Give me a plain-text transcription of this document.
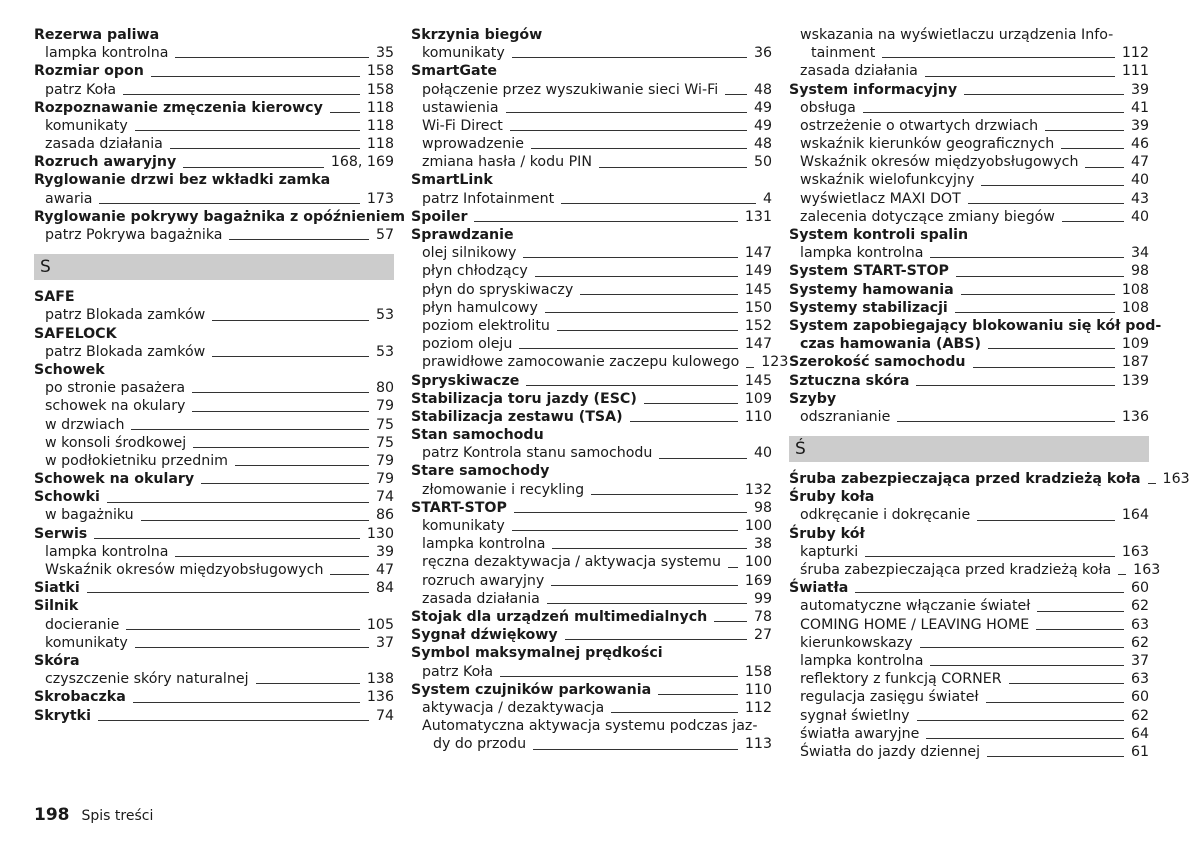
Rezerwa paliwa
lampka kontrolna	35
Rozmiar opon	158
patrz Koła	158
Rozpoznawanie zmęczenia kierowcy	118
komunikaty	118
zasada działania	118
Rozruch awaryjny	168, 169
Ryglowanie drzwi bez wkładki zamka
awaria	173
Ryglowanie pokrywy bagażnika z opóźnieniem
patrz Pokrywa bagażnika	57
S
SAFE
patrz Blokada zamków	53
SAFELOCK
patrz Blokada zamków	53
Schowek
po stronie pasażera	80
schowek na okulary	79
w drzwiach	75
w konsoli środkowej	75
w podłokietniku przednim	79
Schowek na okulary	79
Schowki	74
w bagażniku	86
Serwis	130
lampka kontrolna	39
Wskaźnik okresów międzyobsługowych	47
Siatki	84
Silnik
docieranie	105
komunikaty	37
Skóra
czyszczenie skóry naturalnej	138
Skrobaczka	136
Skrytki	74
Skrzynia biegów
komunikaty	36
SmartGate
połączenie przez wyszukiwanie sieci Wi-Fi	48
ustawienia	49
Wi-Fi Direct	49
wprowadzenie	48
zmiana hasła / kodu PIN	50
SmartLink
patrz Infotainment	4
Spoiler	131
Sprawdzanie
olej silnikowy	147
płyn chłodzący	149
płyn do spryskiwaczy	145
płyn hamulcowy	150
poziom elektrolitu	152
poziom oleju	147
prawidłowe zamocowanie zaczepu kulowego 123
Spryskiwacze	145
Stabilizacja toru jazdy (ESC)	109
Stabilizacja zestawu (TSA)	110
Stan samochodu
patrz Kontrola stanu samochodu	40
Stare samochody
złomowanie i recykling	132
START-STOP	98
komunikaty	100
lampka kontrolna	38
ręczna dezaktywacja / aktywacja systemu 100
rozruch awaryjny	169
zasada działania	99
Stojak dla urządzeń multimedialnych	78
Sygnał dźwiękowy	27
Symbol maksymalnej prędkości
patrz Koła	158
System czujników parkowania	110
aktywacja / dezaktywacja	112
Automatyczna aktywacja systemu podczas jaz-
dy do przodu	113
wskazania na wyświetlaczu urządzenia Info-
tainment	112
zasada działania	111
System informacyjny	39
obsługa	41
ostrzeżenie o otwartych drzwiach	39
wskaźnik kierunków geograficznych	46
Wskaźnik okresów międzyobsługowych	47
wskaźnik wielofunkcyjny	40
wyświetlacz MAXI DOT	43
zalecenia dotyczące zmiany biegów	40
System kontroli spalin
lampka kontrolna	34
System START-STOP	98
Systemy hamowania	108
Systemy stabilizacji	108
System zapobiegający blokowaniu się kół pod-
czas hamowania (ABS)	109
Szerokość samochodu	187
Sztuczna skóra	139
Szyby
odszranianie	136
Ś
Śruba zabezpieczająca przed kradzieżą koła 163
Śruby koła
odkręcanie i dokręcanie	164
Śruby kół
kapturki	163
śruba zabezpieczająca przed kradzieżą koła 163
Światła	60
automatyczne włączanie świateł	62
COMING HOME / LEAVING HOME	63
kierunkowskazy	62
lampka kontrolna	37
reflektory z funkcją CORNER	63
regulacja zasięgu świateł	60
sygnał świetlny	62
światła awaryjne	64
Światła do jazdy dziennej	61
198 Spis treści
